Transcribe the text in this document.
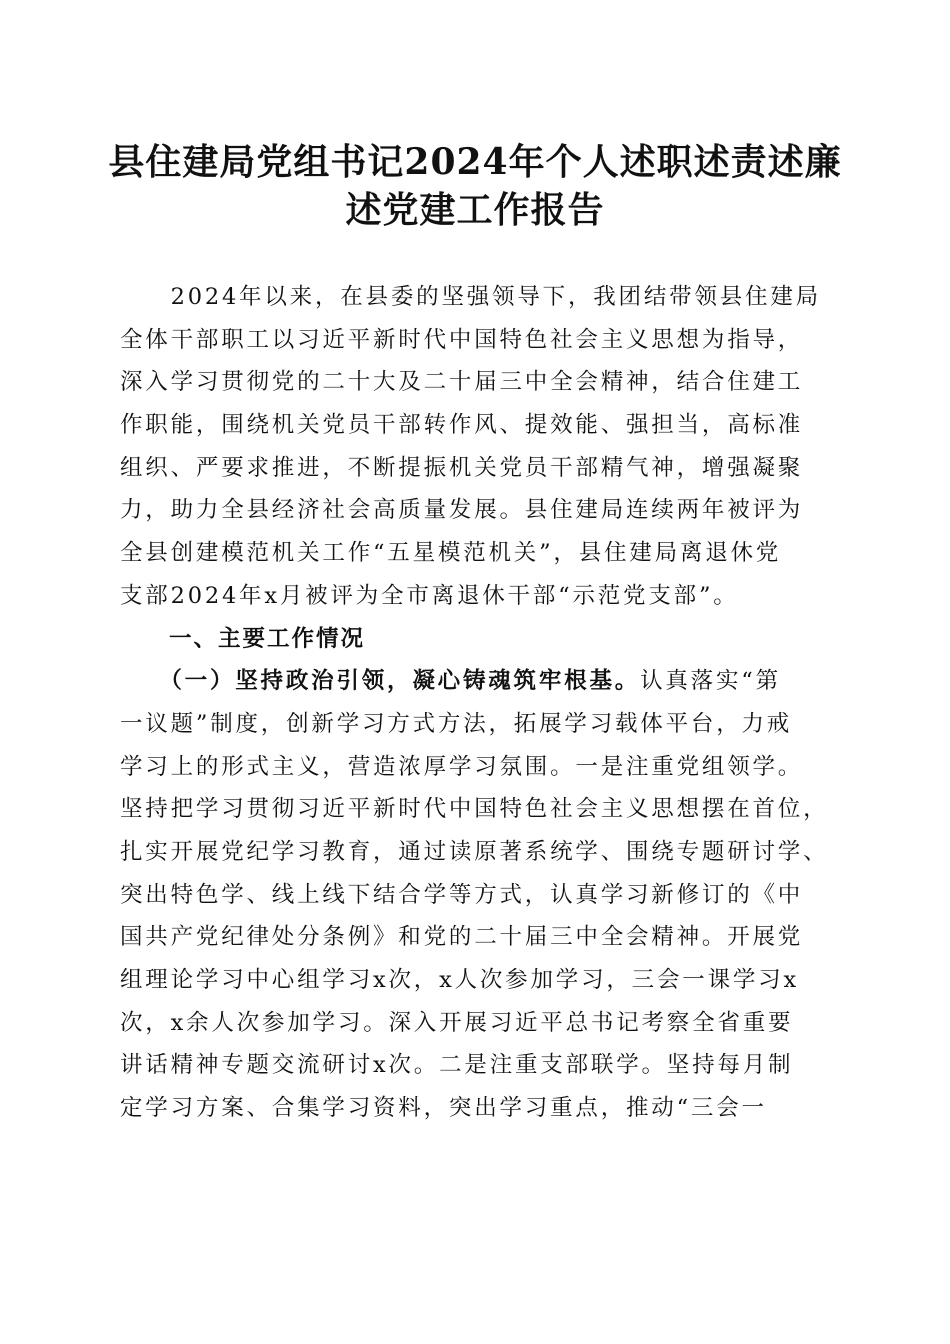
县住建局党组书记2024年个人述职述责述廉
述党建工作报告
　　2024年以来，在县委的坚强领导下，我团结带领县住建局
全体干部职工以习近平新时代中国特色社会主义思想为指导，
深入学习贯彻党的二十大及二十届三中全会精神，结合住建工
作职能，围绕机关党员干部转作风、提效能、强担当，高标准
组织、严要求推进，不断提振机关党员干部精气神，增强凝聚
力，助力全县经济社会高质量发展。县住建局连续两年被评为
全县创建模范机关工作“五星模范机关”，县住建局离退休党
支部2024年x月被评为全市离退休干部“示范党支部”。
　　一、主要工作情况
　　（一）坚持政治引领，凝心铸魂筑牢根基。认真落实“第
一议题”制度，创新学习方式方法，拓展学习载体平台，力戒
学习上的形式主义，营造浓厚学习氛围。一是注重党组领学。
坚持把学习贯彻习近平新时代中国特色社会主义思想摆在首位，
扎实开展党纪学习教育，通过读原著系统学、围绕专题研讨学、
突出特色学、线上线下结合学等方式，认真学习新修订的《中
国共产党纪律处分条例》和党的二十届三中全会精神。开展党
组理论学习中心组学习x次，x人次参加学习，三会一课学习x
次，x余人次参加学习。深入开展习近平总书记考察全省重要
讲话精神专题交流研讨x次。二是注重支部联学。坚持每月制
定学习方案、合集学习资料，突出学习重点，推动“三会一
